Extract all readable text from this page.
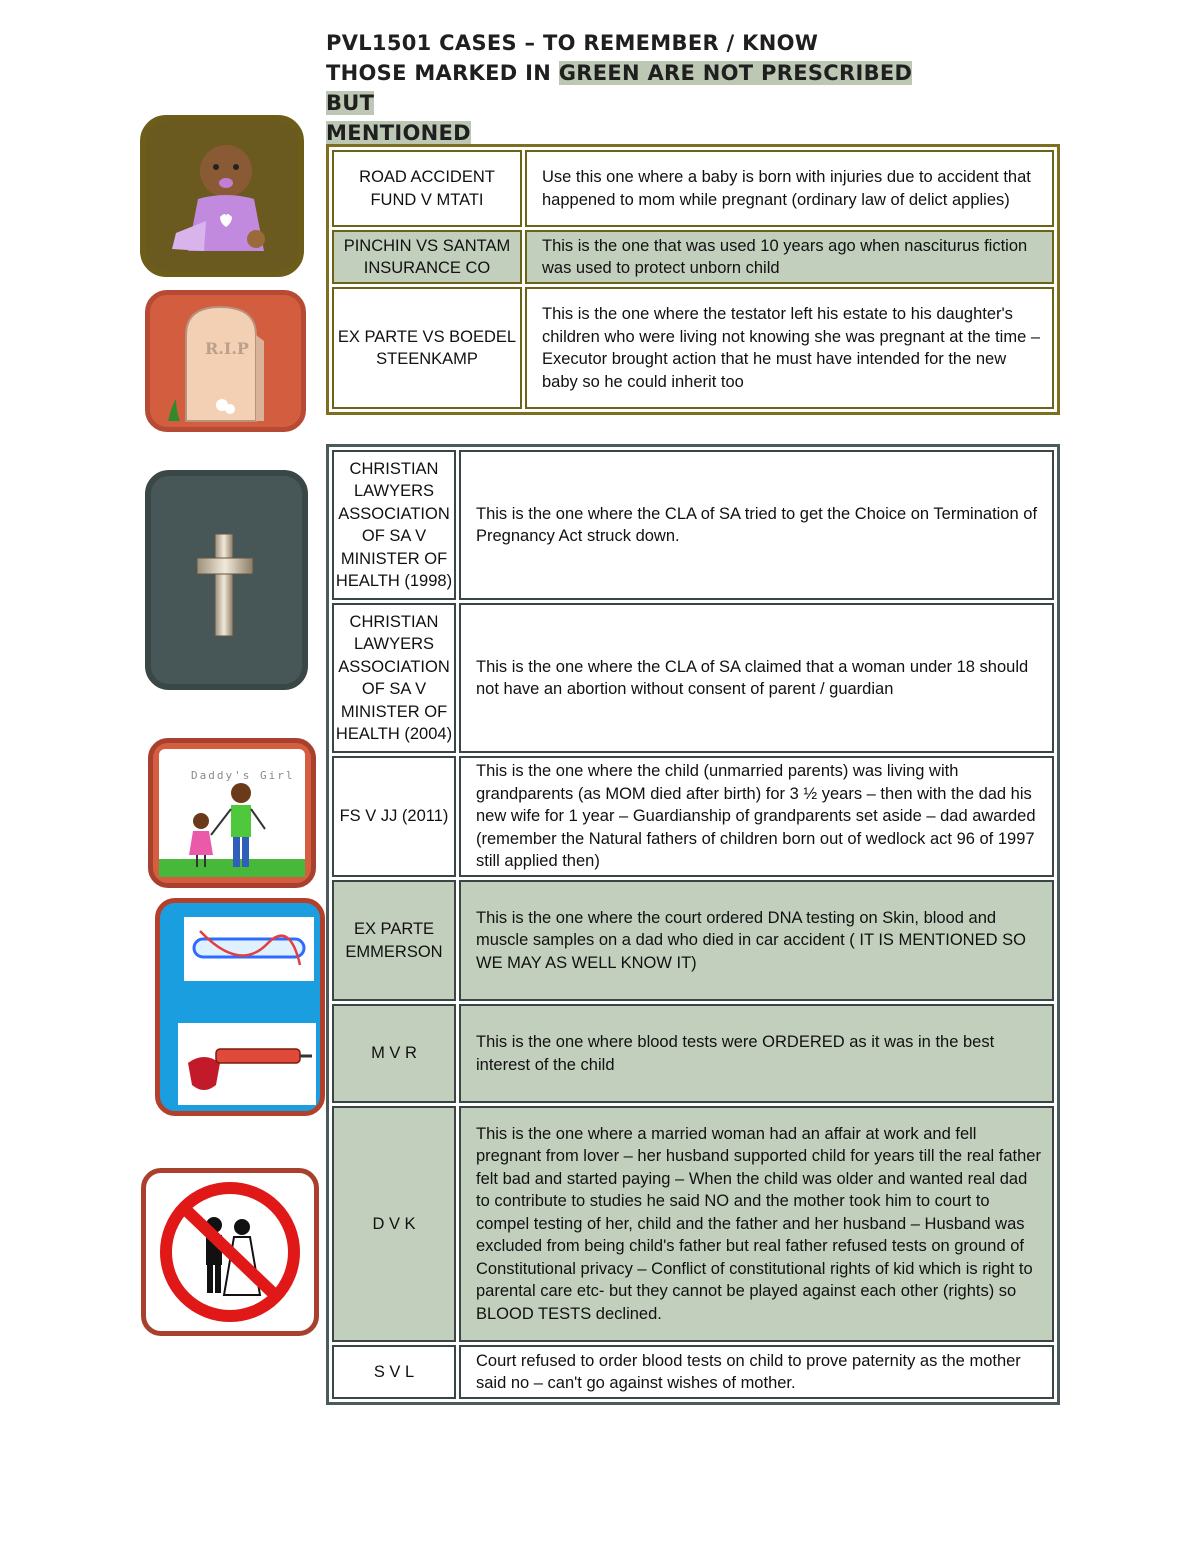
PVL1501 CASES – TO REMEMBER / KNOW
THOSE MARKED IN GREEN ARE NOT PRESCRIBED BUT
MENTIONED
ROAD ACCIDENT FUND V MTATI	Use this one where a baby is born with injuries due to accident that happened to mom while pregnant (ordinary law of delict applies)
PINCHIN VS SANTAM INSURANCE CO	This is the one that was used 10 years ago when nasciturus fiction was used to protect unborn child
EX PARTE VS BOEDEL STEENKAMP	This is the one where the testator left his estate to his daughter's children who were living not knowing she was pregnant at the time – Executor brought action that he must have intended for the new baby so he could inherit too
CHRISTIAN LAWYERS ASSOCIATION OF SA V MINISTER OF HEALTH (1998)	This is the one where the CLA of SA tried to get the Choice on Termination of Pregnancy Act struck down.
CHRISTIAN LAWYERS ASSOCIATION OF SA V MINISTER OF HEALTH (2004)	This is the one where the CLA of SA claimed that a woman under 18 should not have an abortion without consent of parent / guardian
FS V JJ (2011)	This is the one where the child (unmarried parents) was living with grandparents (as MOM died after birth) for 3 ½ years – then with the dad his new wife for 1 year – Guardianship of grandparents set aside – dad awarded (remember the Natural fathers of children born out of wedlock act 96 of 1997 still applied then)
EX PARTE EMMERSON	This is the one where the court ordered DNA testing on Skin, blood and muscle samples on a dad who died in car accident ( IT IS MENTIONED SO WE MAY AS WELL KNOW IT)
M V R	This is the one where blood tests were ORDERED as it was in the best interest of the child
D V K	This is the one where a married woman had an affair at work and fell pregnant from lover – her husband supported child for years till the real father felt bad and started paying – When the child was older and wanted real dad to contribute to studies he said NO and the mother took him to court to compel testing of her, child and the father and her husband – Husband was excluded from being child's father but real father refused tests on ground of Constitutional privacy – Conflict of constitutional rights of kid which is right to parental care etc- but they cannot be played against each other (rights) so BLOOD TESTS declined.
S V L	Court refused to order blood tests on child to prove paternity as the mother said no – can't go against wishes of mother.
R.I.P
Daddy's Girl
